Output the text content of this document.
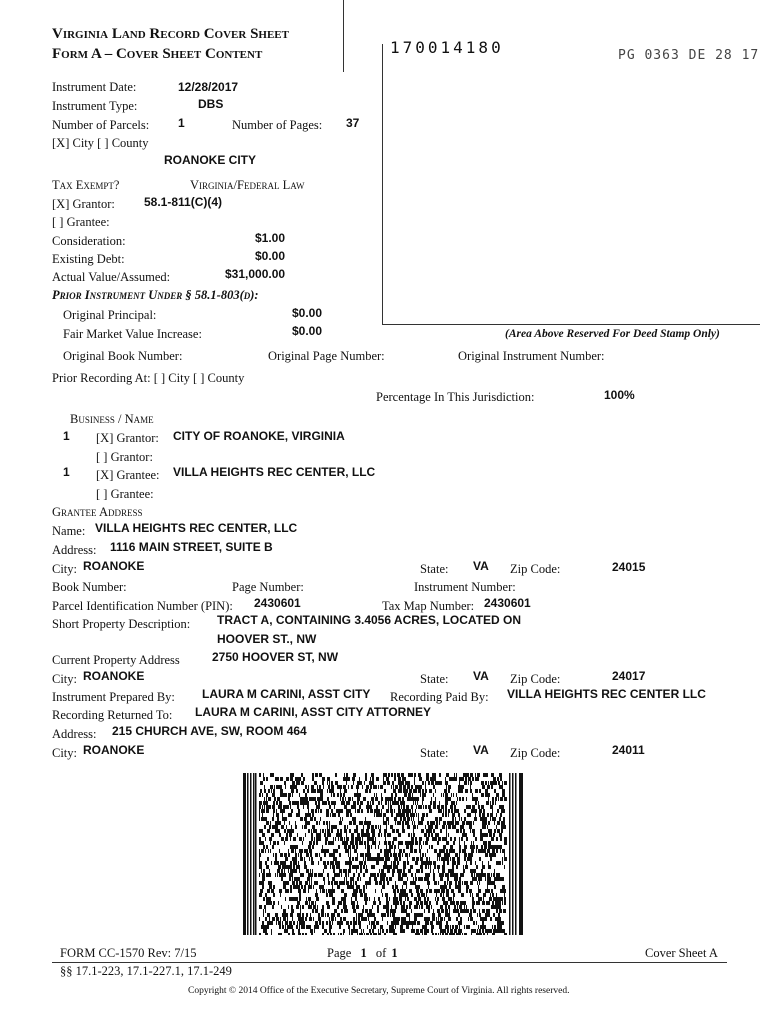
Virginia Land Record Cover Sheet
Form A – Cover Sheet Content	170014180	PG 0363 DE 28 17
Instrument Date:	12/28/2017
Instrument Type:	DBS
Number of Parcels: 1	Number of Pages: 37
[X] City [ ] County
ROANOKE CITY
Tax Exempt?	Virginia/Federal Law
[X] Grantor: 58.1-811(C)(4)
[ ] Grantee:
Consideration:	$1.00
Existing Debt:	$0.00
Actual Value/Assumed:	$31,000.00
Prior Instrument Under § 58.1-803(d):
Original Principal:	$0.00
Fair Market Value Increase:	$0.00	(Area Above Reserved For Deed Stamp Only)
Original Book Number:	Original Page Number:	Original Instrument Number:
Prior Recording At: [ ] City [ ] County
Percentage In This Jurisdiction:	100%
Business / Name
1 [X] Grantor: CITY OF ROANOKE, VIRGINIA
[ ] Grantor:
1 [X] Grantee: VILLA HEIGHTS REC CENTER, LLC
[ ] Grantee:
Grantee Address
Name: VILLA HEIGHTS REC CENTER, LLC
Address: 1116 MAIN STREET, SUITE B
City: ROANOKE	State: VA Zip Code:	24015
Book Number:	Page Number:	Instrument Number:
Parcel Identification Number (PIN): 2430601	Tax Map Number: 2430601
Short Property Description: TRACT A, CONTAINING 3.4056 ACRES, LOCATED ON
HOOVER ST., NW
Current Property Address	2750 HOOVER ST, NW
City: ROANOKE	State: VA Zip Code:	24017
Instrument Prepared By: LAURA M CARINI, ASST CITY Recording Paid By: VILLA HEIGHTS REC CENTER LLC
Recording Returned To: LAURA M CARINI, ASST CITY ATTORNEY
Address: 215 CHURCH AVE, SW, ROOM 464
City: ROANOKE	State: VA Zip Code:	24011
FORM CC-1570 Rev: 7/15	Page 1 of 1	Cover Sheet A
§§ 17.1-223, 17.1-227.1, 17.1-249
Copyright © 2014 Office of the Executive Secretary, Supreme Court of Virginia. All rights reserved.
